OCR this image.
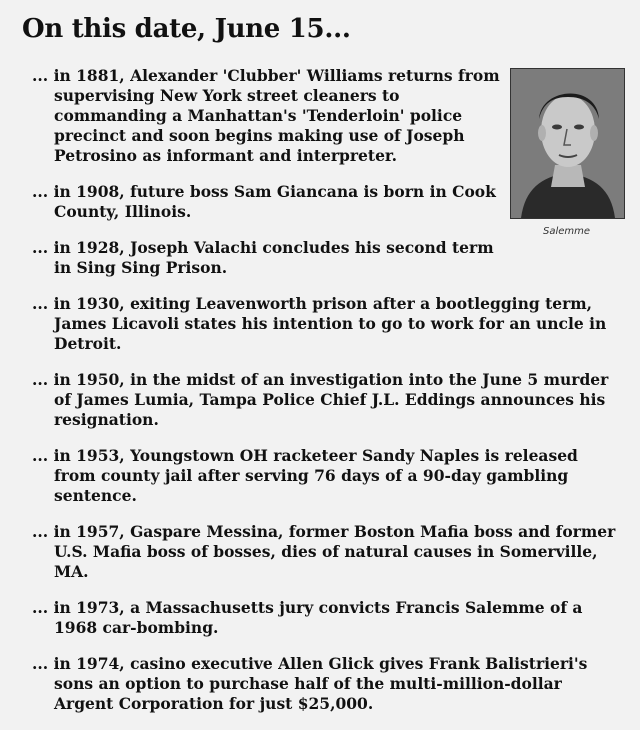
On this date, June 15...
Salemme
... in 1881, Alexander 'Clubber' Williams returns from supervising New York street cleaners to commanding a Manhattan's 'Tenderloin' police precinct and soon begins making use of Joseph Petrosino as informant and interpreter.
... in 1908, future boss Sam Giancana is born in Cook County, Illinois.
... in 1928, Joseph Valachi concludes his second term in Sing Sing Prison.
... in 1930, exiting Leavenworth prison after a bootlegging term, James Licavoli states his intention to go to work for an uncle in Detroit.
... in 1950, in the midst of an investigation into the June 5 murder of James Lumia, Tampa Police Chief J.L. Eddings announces his resignation.
... in 1953, Youngstown OH racketeer Sandy Naples is released from county jail after serving 76 days of a 90-day gambling sentence.
... in 1957, Gaspare Messina, former Boston Mafia boss and former U.S. Mafia boss of bosses, dies of natural causes in Somerville, MA.
... in 1973, a Massachusetts jury convicts Francis Salemme of a 1968 car-bombing.
... in 1974, casino executive Allen Glick gives Frank Balistrieri's sons an option to purchase half of the multi-million-dollar Argent Corporation for just $25,000.
